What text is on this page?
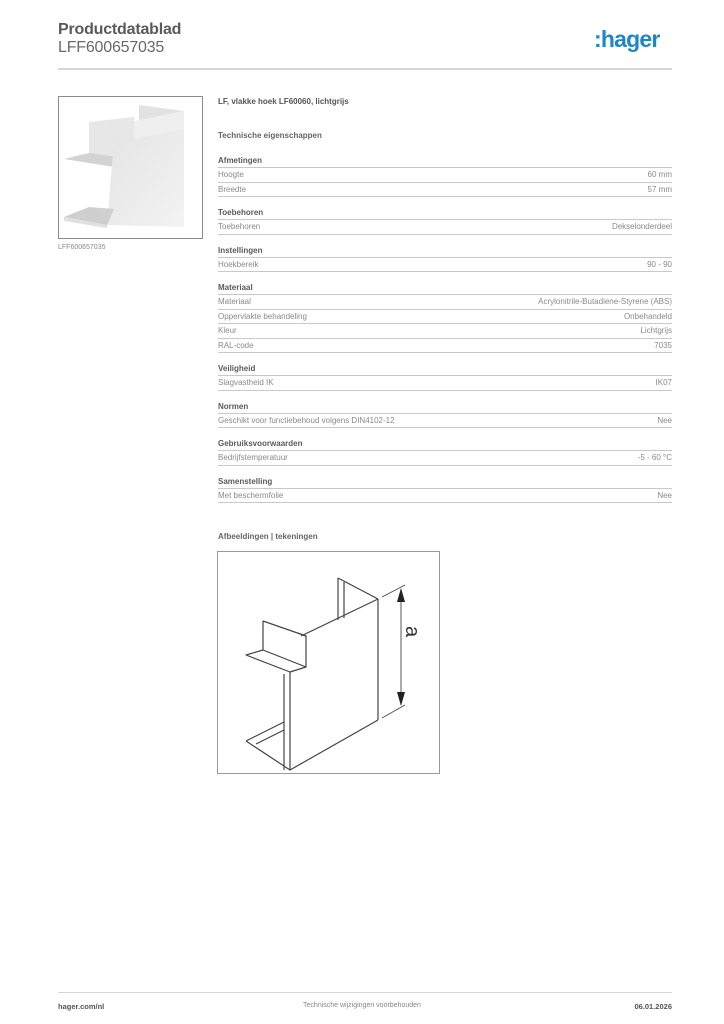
Productdatablad
LFF600657035	:hager
LFF600657035
LF, vlakke hoek LF60060, lichtgrijs
Technische eigenschappen
Afmetingen
Hoogte	60 mm
Breedte	57 mm
Toebehoren
Toebehoren	Dekselonderdeel
Instellingen
Hoekbereik	90 - 90
Materiaal
Materiaal	Acrylonitrile-Butadiene-Styrene (ABS)
Oppervlakte behandeling	Onbehandeld
Kleur	Lichtgrijs
RAL-code	7035
Veiligheid
Slagvastheid IK	IK07
Normen
Geschikt voor functiebehoud volgens DIN4102-12	Nee
Gebruiksvoorwaarden
Bedrijfstemperatuur	-5 - 60 °C
Samenstelling
Met beschermfolie	Nee
Afbeeldingen | tekeningen
a
hager.com/nl	Technische wijzigingen voorbehouden	06.01.2026
